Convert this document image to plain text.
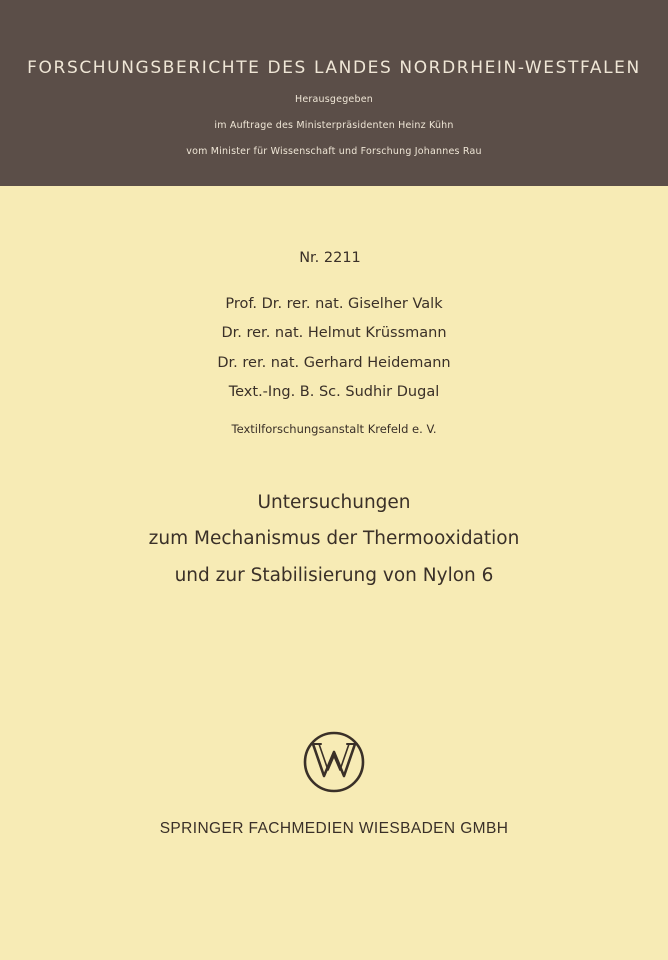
FORSCHUNGSBERICHTE DES LANDES NORDRHEIN-WESTFALEN
Herausgegeben
im Auftrage des Ministerpräsidenten Heinz Kühn
vom Minister für Wissenschaft und Forschung Johannes Rau
Nr. 2211
Prof. Dr. rer. nat. Giselher Valk
Dr. rer. nat. Helmut Krüssmann
Dr. rer. nat. Gerhard Heidemann
Text.-Ing. B. Sc. Sudhir Dugal
Textilforschungsanstalt Krefeld e. V.
Untersuchungen
zum Mechanismus der Thermooxidation
und zur Stabilisierung von Nylon 6
SPRINGER FACHMEDIEN WIESBADEN GMBH
